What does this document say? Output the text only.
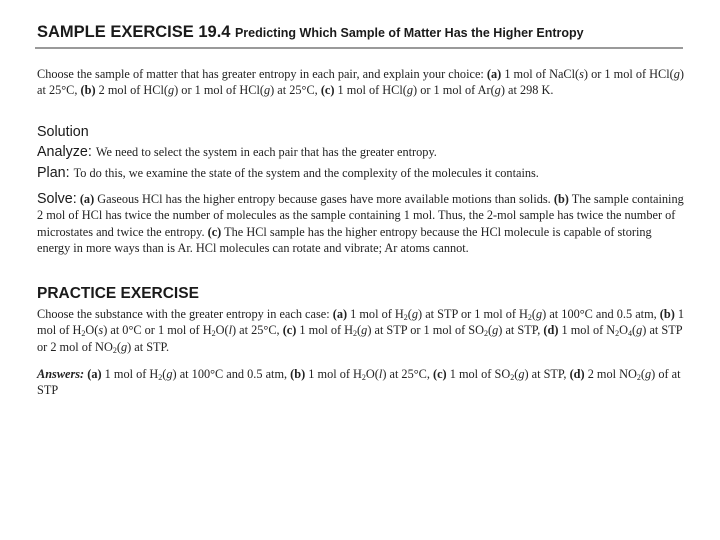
SAMPLE EXERCISE 19.4 Predicting Which Sample of Matter Has the Higher Entropy
Choose the sample of matter that has greater entropy in each pair, and explain your choice: (a) 1 mol of NaCl(s) or 1 mol of HCl(g) at 25°C, (b) 2 mol of HCl(g) or 1 mol of HCl(g) at 25°C, (c) 1 mol of HCl(g) or 1 mol of Ar(g) at 298 K.
Solution
Analyze: We need to select the system in each pair that has the greater entropy.
Plan: To do this, we examine the state of the system and the complexity of the molecules it contains.
Solve: (a) Gaseous HCl has the higher entropy because gases have more available motions than solids. (b) The sample containing 2 mol of HCl has twice the number of molecules as the sample containing 1 mol. Thus, the 2-mol sample has twice the number of microstates and twice the entropy. (c) The HCl sample has the higher entropy because the HCl molecule is capable of storing energy in more ways than is Ar. HCl molecules can rotate and vibrate; Ar atoms cannot.
PRACTICE EXERCISE
Choose the substance with the greater entropy in each case: (a) 1 mol of $H_2(g)$ at STP or 1 mol of $H_2(g)$ at 100°C and 0.5 atm, (b) 1 mol of $H_2O(s)$ at 0°C or 1 mol of $H_2O(l)$ at 25°C, (c) 1 mol of $H_2(g)$ at STP or 1 mol of $SO_2(g)$ at STP, (d) 1 mol of $N_2O_4(g)$ at STP or 2 mol of $NO_2(g)$ at STP.
Answers: (a) 1 mol of $H_2(g)$ at 100°C and 0.5 atm, (b) 1 mol of $H_2O(l)$ at 25°C, (c) 1 mol of $SO_2(g)$ at STP, (d) 2 mol $NO_2(g)$ of at STP
